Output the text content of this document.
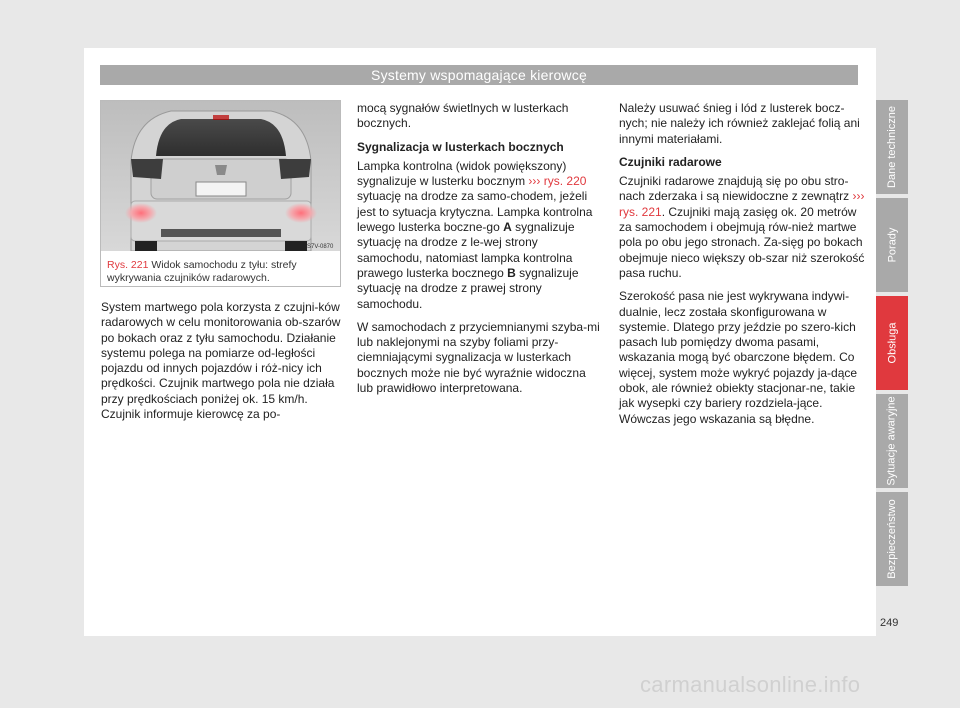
Systemy wspomagające kierowcę
S7V-0870
Rys. 221 Widok samochodu z tyłu: strefy wykrywania czujników radarowych.

System martwego pola korzysta z czujni-ków radarowych w celu monitorowania ob-szarów po bokach oraz z tyłu samochodu. Działanie systemu polega na pomiarze od-ległości pojazdu od innych pojazdów i róż-nicy ich prędkości. Czujnik martwego pola nie działa przy prędkościach poniżej ok. 15 km/h. Czujnik informuje kierowcę za po-

mocą sygnałów świetlnych w lusterkach bocznych.

Sygnalizacja w lusterkach bocznych

Lampka kontrolna (widok powiększony) sygnalizuje w lusterku bocznym ››› rys. 220 sytuację na drodze za samo-chodem, jeżeli jest to sytuacja krytyczna. Lampka kontrolna lewego lusterka boczne-go A sygnalizuje sytuację na drodze z le-wej strony samochodu, natomiast lampka kontrolna prawego lusterka bocznego B sygnalizuje sytuację na drodze z prawej strony samochodu.

W samochodach z przyciemnianymi szyba-mi lub naklejonymi na szyby foliami przy-ciemniającymi sygnalizacja w lusterkach bocznych może nie być wyraźnie widoczna lub prawidłowo interpretowana.

Należy usuwać śnieg i lód z lusterek bocz-nych; nie należy ich również zaklejać folią ani innymi materiałami.

Czujniki radarowe

Czujniki radarowe znajdują się po obu stro-nach zderzaka i są niewidoczne z zewnątrz ››› rys. 221. Czujniki mają zasięg ok. 20 metrów za samochodem i obejmują rów-nież martwe pola po obu jego stronach. Za-sięg po bokach obejmuje nieco większy ob-szar niż szerokość pasa ruchu.

Szerokość pasa nie jest wykrywana indywi-dualnie, lecz została skonfigurowana w systemie. Dlatego przy jeździe po szero-kich pasach lub pomiędzy dwoma pasami, wskazania mogą być obarczone błędem. Co więcej, system może wykryć pojazdy ja-dące obok, ale również obiekty stacjonar-ne, takie jak wysepki czy bariery rozdziela-jące. Wówczas jego wskazania są błędne.

Dane techniczne
Porady
Obsługa
Sytuacje awaryjne
Bezpieczeństwo
249
carmanualsonline.info
